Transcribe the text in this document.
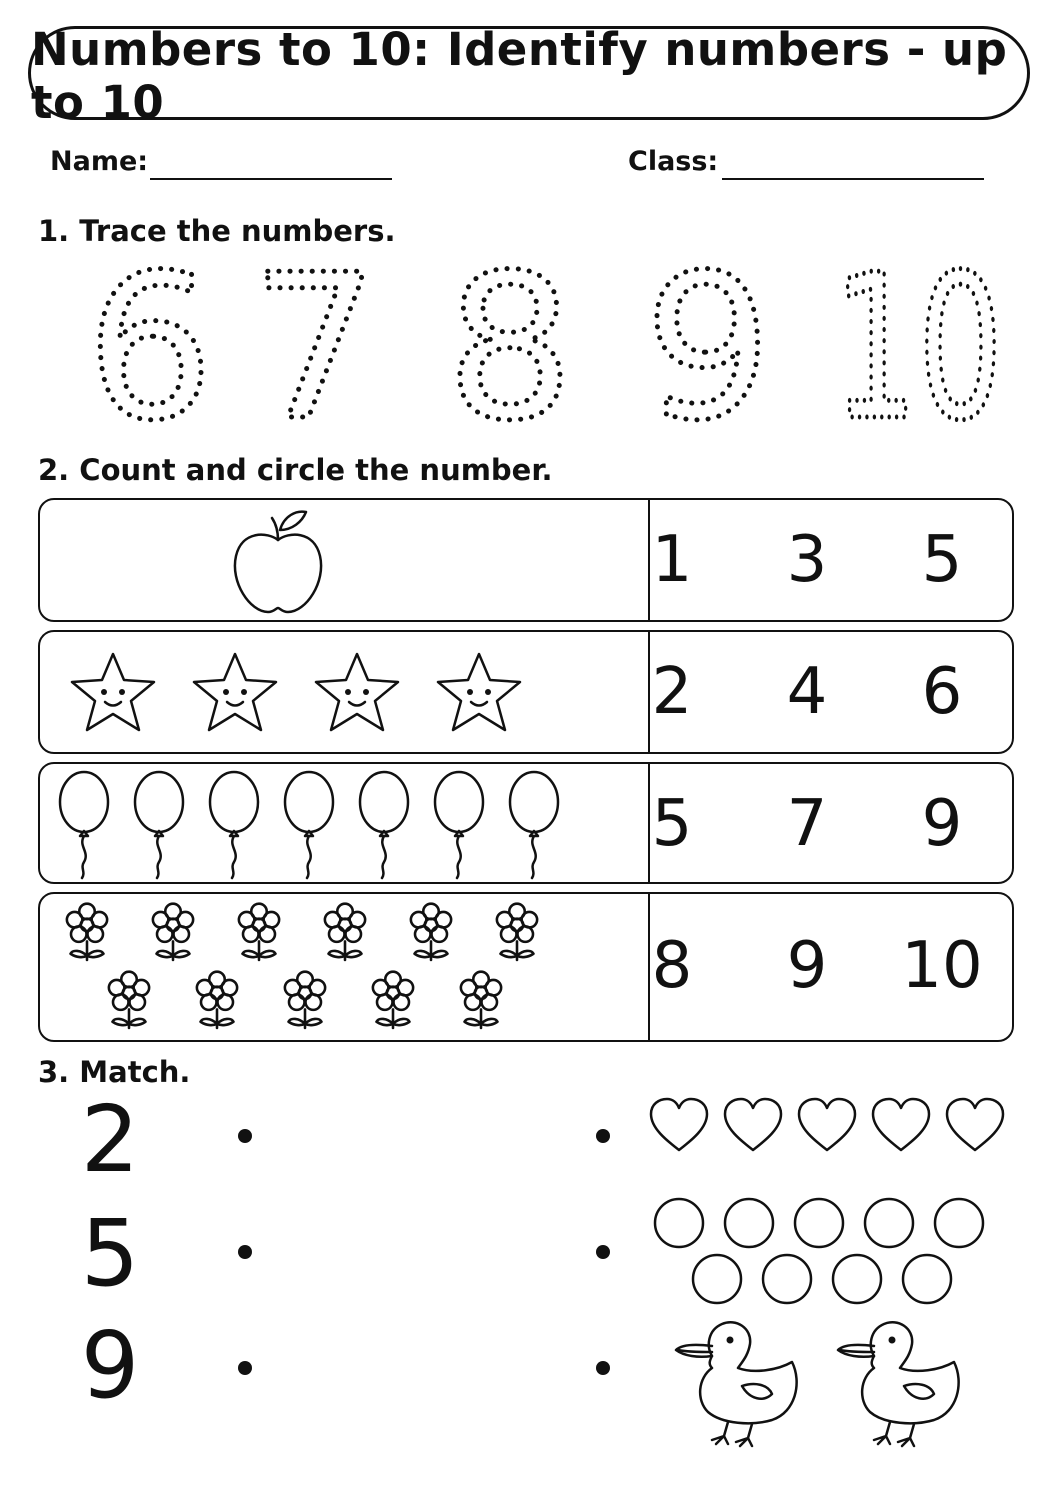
Numbers to 10: Identify numbers - up to 10
Name:	Class:
1. Trace the numbers.
6 7 8 9 10
2. Count and circle the number.
1	3	5
2	4	6
5	7	9
8	9	10
3. Match.
2
5
9
